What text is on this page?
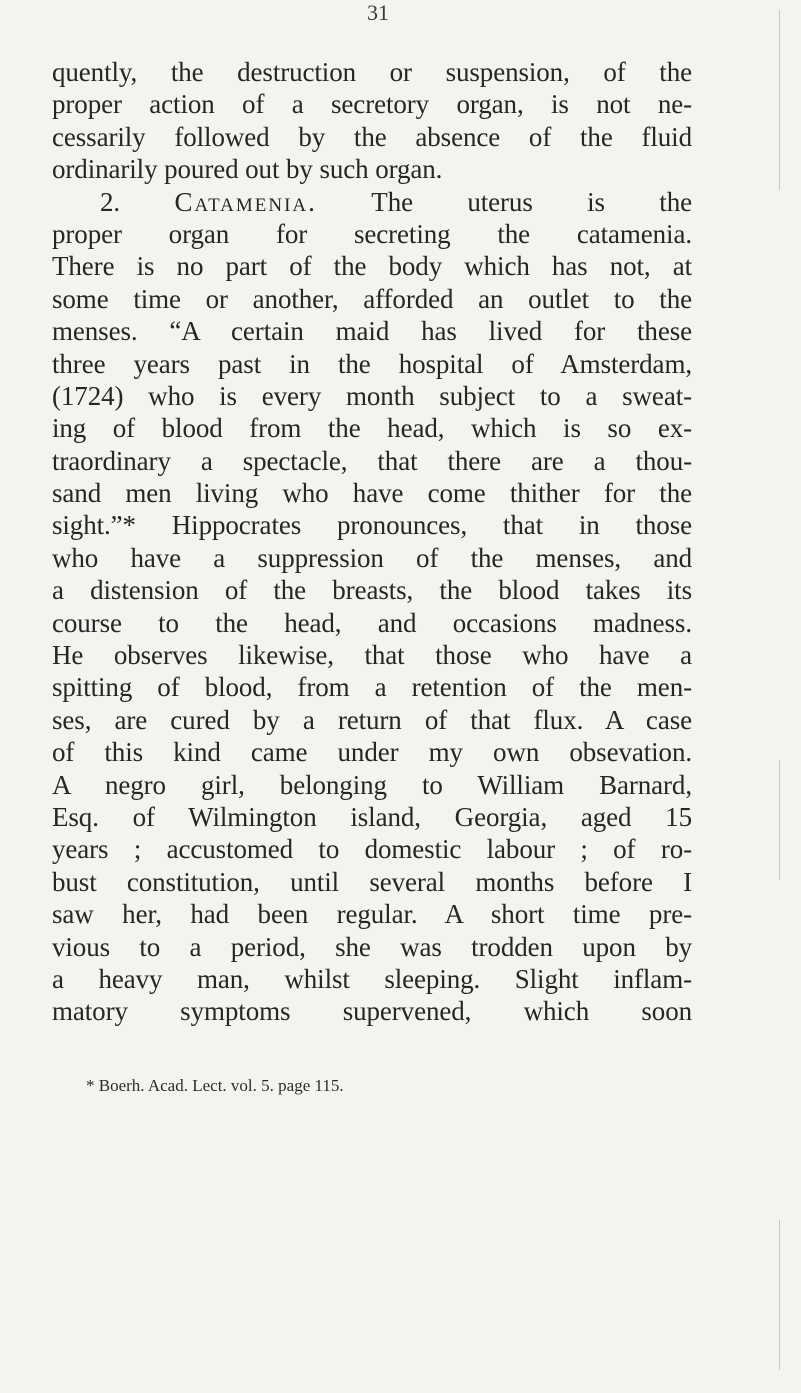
31
quently, the destruction or suspension, of the
proper action of a secretory organ, is not ne-
cessarily followed by the absence of the fluid
ordinarily poured out by such organ.
2. Catamenia. The uterus is the
proper organ for secreting the catamenia.
There is no part of the body which has not, at
some time or another, afforded an outlet to the
menses. “A certain maid has lived for these
three years past in the hospital of Amsterdam,
(1724) who is every month subject to a sweat-
ing of blood from the head, which is so ex-
traordinary a spectacle, that there are a thou-
sand men living who have come thither for the
sight.”* Hippocrates pronounces, that in those
who have a suppression of the menses, and
a distension of the breasts, the blood takes its
course to the head, and occasions madness.
He observes likewise, that those who have a
spitting of blood, from a retention of the men-
ses, are cured by a return of that flux. A case
of this kind came under my own obsevation.
A negro girl, belonging to William Barnard,
Esq. of Wilmington island, Georgia, aged 15
years ; accustomed to domestic labour ; of ro-
bust constitution, until several months before I
saw her, had been regular. A short time pre-
vious to a period, she was trodden upon by
a heavy man, whilst sleeping. Slight inflam-
matory symptoms supervened, which soon
* Boerh. Acad. Lect. vol. 5. page 115.
